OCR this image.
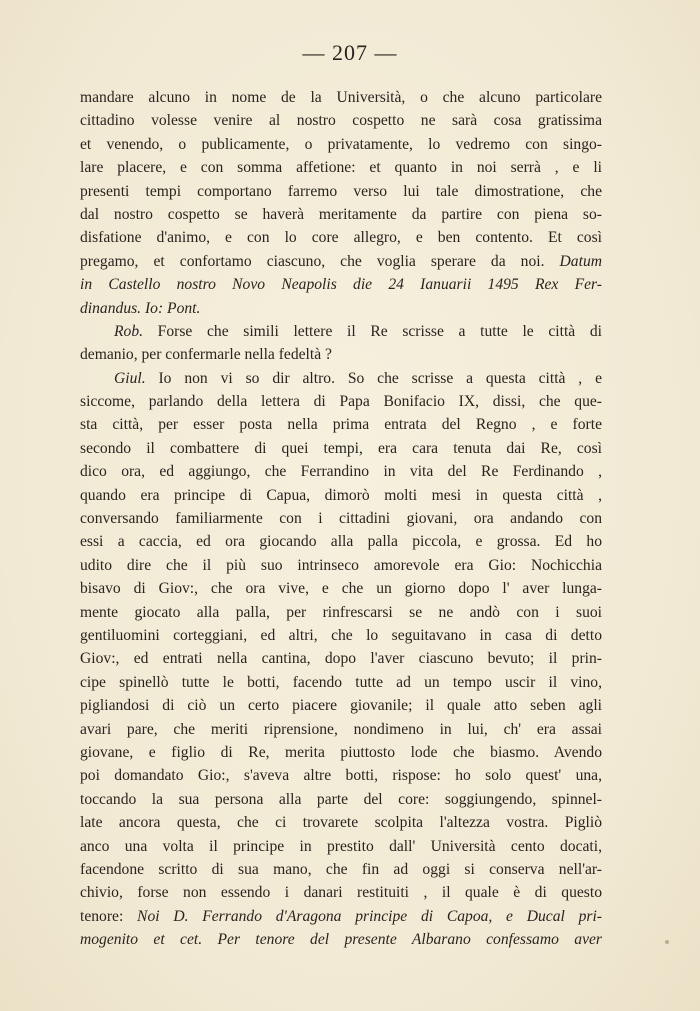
— 207 —
mandare alcuno in nome de la Università, o che alcuno particolare
cittadino volesse venire al nostro cospetto ne sarà cosa gratissima
et venendo, o publicamente, o privatamente, lo vedremo con singo-
lare placere, e con somma affetione: et quanto in noi serrà , e li
presenti tempi comportano farremo verso lui tale dimostratione, che
dal nostro cospetto se haverà meritamente da partire con piena so-
disfatione d'animo, e con lo core allegro, e ben contento. Et così
pregamo, et confortamo ciascuno, che voglia sperare da noi. Datum
in Castello nostro Novo Neapolis die 24 Ianuarii 1495 Rex Fer-
dinandus. Io: Pont.
Rob. Forse che simili lettere il Re scrisse a tutte le città di
demanio, per confermarle nella fedeltà ?
Giul. Io non vi so dir altro. So che scrisse a questa città , e
siccome, parlando della lettera di Papa Bonifacio IX, dissi, che que-
sta città, per esser posta nella prima entrata del Regno , e forte
secondo il combattere di quei tempi, era cara tenuta dai Re, così
dico ora, ed aggiungo, che Ferrandino in vita del Re Ferdinando ,
quando era principe di Capua, dimorò molti mesi in questa città ,
conversando familiarmente con i cittadini giovani, ora andando con
essi a caccia, ed ora giocando alla palla piccola, e grossa. Ed ho
udito dire che il più suo intrinseco amorevole era Gio: Nochicchia
bisavo di Giov:, che ora vive, e che un giorno dopo l' aver lunga-
mente giocato alla palla, per rinfrescarsi se ne andò con i suoi
gentiluomini corteggiani, ed altri, che lo seguitavano in casa di detto
Giov:, ed entrati nella cantina, dopo l'aver ciascuno bevuto; il prin-
cipe spinellò tutte le botti, facendo tutte ad un tempo uscir il vino,
pigliandosi di ciò un certo piacere giovanile; il quale atto seben agli
avari pare, che meriti riprensione, nondimeno in lui, ch' era assai
giovane, e figlio di Re, merita piuttosto lode che biasmo. Avendo
poi domandato Gio:, s'aveva altre botti, rispose: ho solo quest' una,
toccando la sua persona alla parte del core: soggiungendo, spinnel-
late ancora questa, che ci trovarete scolpita l'altezza vostra. Pigliò
anco una volta il principe in prestito dall' Università cento docati,
facendone scritto di sua mano, che fin ad oggi si conserva nell'ar-
chivio, forse non essendo i danari restituiti , il quale è di questo
tenore: Noi D. Ferrando d'Aragona principe di Capoa, e Ducal pri-
mogenito et cet. Per tenore del presente Albarano confessamo aver
